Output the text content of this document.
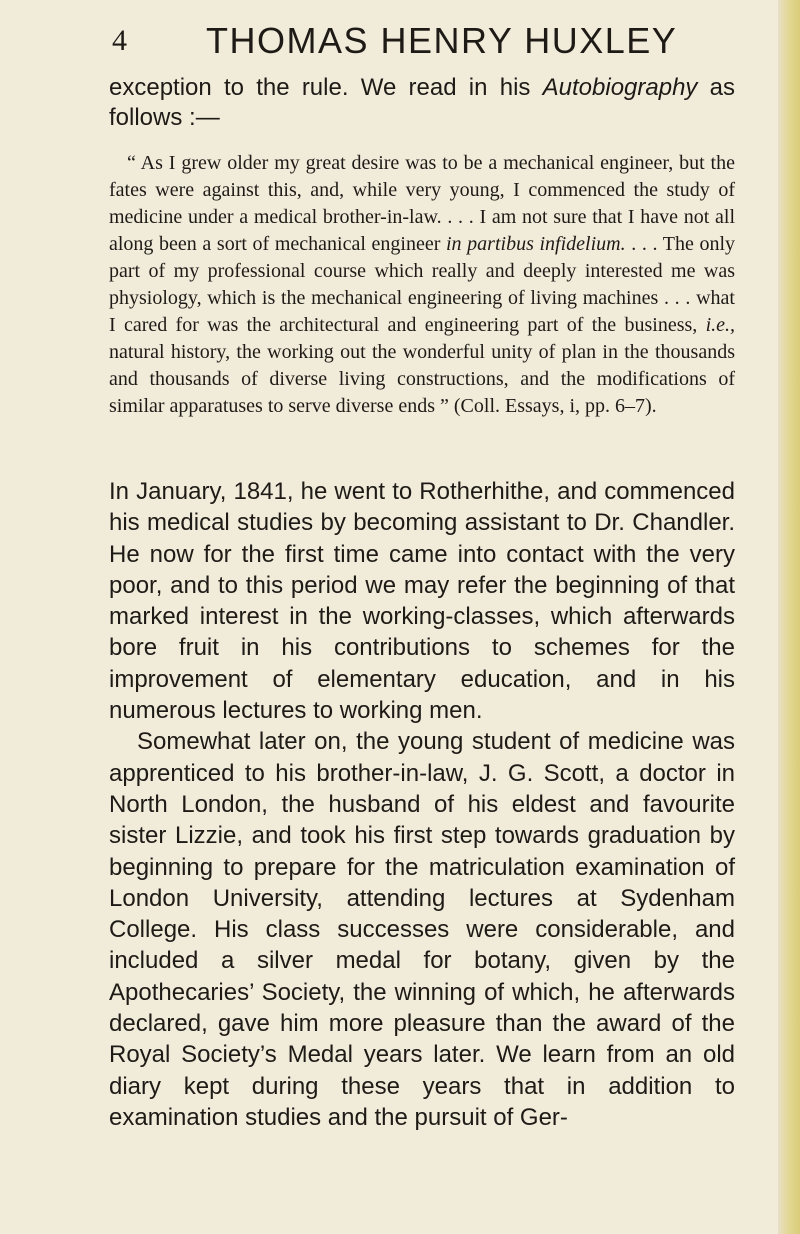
4 THOMAS HENRY HUXLEY
exception to the rule. We read in his Autobiography as follows :—

“ As I grew older my great desire was to be a mechanical engineer, but the fates were against this, and, while very young, I commenced the study of medicine under a medical brother-in-law. . . . I am not sure that I have not all along been a sort of mechanical engineer in partibus infidelium. . . . The only part of my professional course which really and deeply interested me was physiology, which is the mechanical engineering of living machines . . . what I cared for was the architectural and engineering part of the business, i.e., natural history, the working out the wonderful unity of plan in the thousands and thousands of diverse living constructions, and the modifications of similar apparatuses to serve diverse ends ” (Coll. Essays, i, pp. 6–7).

In January, 1841, he went to Rotherhithe, and commenced his medical studies by becoming assistant to Dr. Chandler. He now for the first time came into contact with the very poor, and to this period we may refer the beginning of that marked interest in the working-classes, which afterwards bore fruit in his contributions to schemes for the improvement of elementary education, and in his numerous lectures to working men.

Somewhat later on, the young student of medicine was apprenticed to his brother-in-law, J. G. Scott, a doctor in North London, the husband of his eldest and favourite sister Lizzie, and took his first step towards graduation by beginning to prepare for the matriculation examination of London University, attending lectures at Sydenham College. His class successes were considerable, and included a silver medal for botany, given by the Apothecaries’ Society, the winning of which, he afterwards declared, gave him more pleasure than the award of the Royal Society’s Medal years later. We learn from an old diary kept during these years that in addition to examination studies and the pursuit of Ger-
